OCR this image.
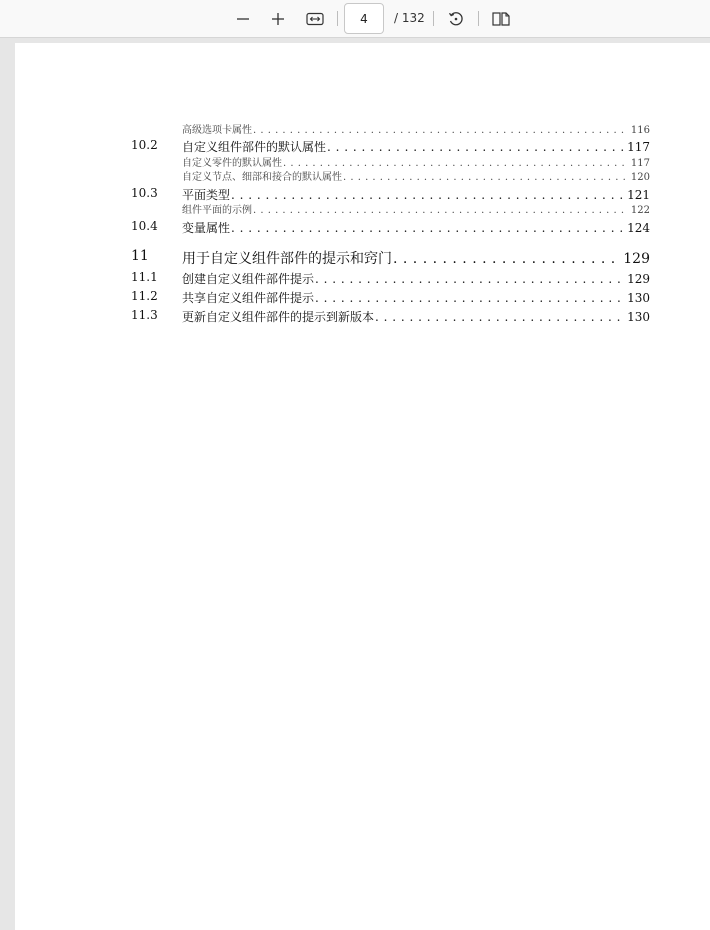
4
/ 132
高级选项卡属性 . . .	116
10.2 自定义组件部件的默认属性 . . .	117
自定义零件的默认属性 . . .	117
自定义节点、细部和接合的默认属性 . . .	120
10.3 平面类型 . . .	121
组件平面的示例 . . .	122
10.4 变量属性 . . .	124
11 用于自定义组件部件的提示和窍门 . . .	129
11.1 创建自定义组件部件提示 . . .	129
11.2 共享自定义组件部件提示 . . .	130
11.3 更新自定义组件部件的提示到新版本 . . .	130
